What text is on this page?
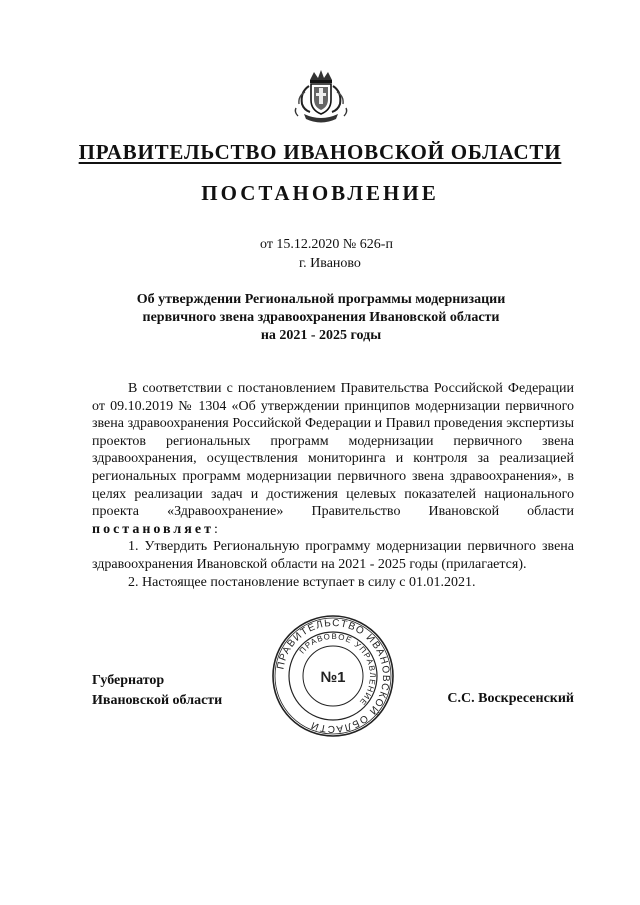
ПРАВИТЕЛЬСТВО ИВАНОВСКОЙ ОБЛАСТИ
ПОСТАНОВЛЕНИЕ
от 15.12.2020 № 626-п
г. Иваново
Об утверждении Региональной программы модернизации
первичного звена здравоохранения Ивановской области
на 2021 - 2025 годы

В соответствии с постановлением Правительства Российской Федерации от 09.10.2019 № 1304 «Об утверждении принципов модернизации первичного звена здравоохранения Российской Федерации и Правил проведения экспертизы проектов региональных программ модернизации первичного звена здравоохранения, осуществления мониторинга и контроля за реализацией региональных программ модернизации первичного звена здравоохранения», в целях реализации задач и достижения целевых показателей национального проекта «Здравоохранение» Правительство Ивановской области постановляет:

1. Утвердить Региональную программу модернизации первичного звена здравоохранения Ивановской области на 2021 - 2025 годы (прилагается).

2. Настоящее постановление вступает в силу с 01.01.2021.

Губернатор
Ивановской области	С.С. Воскресенский
ПРАВИТЕЛЬСТВО ИВАНОВСКОЙ ОБЛАСТИ
ПРАВОВОЕ УПРАВЛЕНИЕ
№1
